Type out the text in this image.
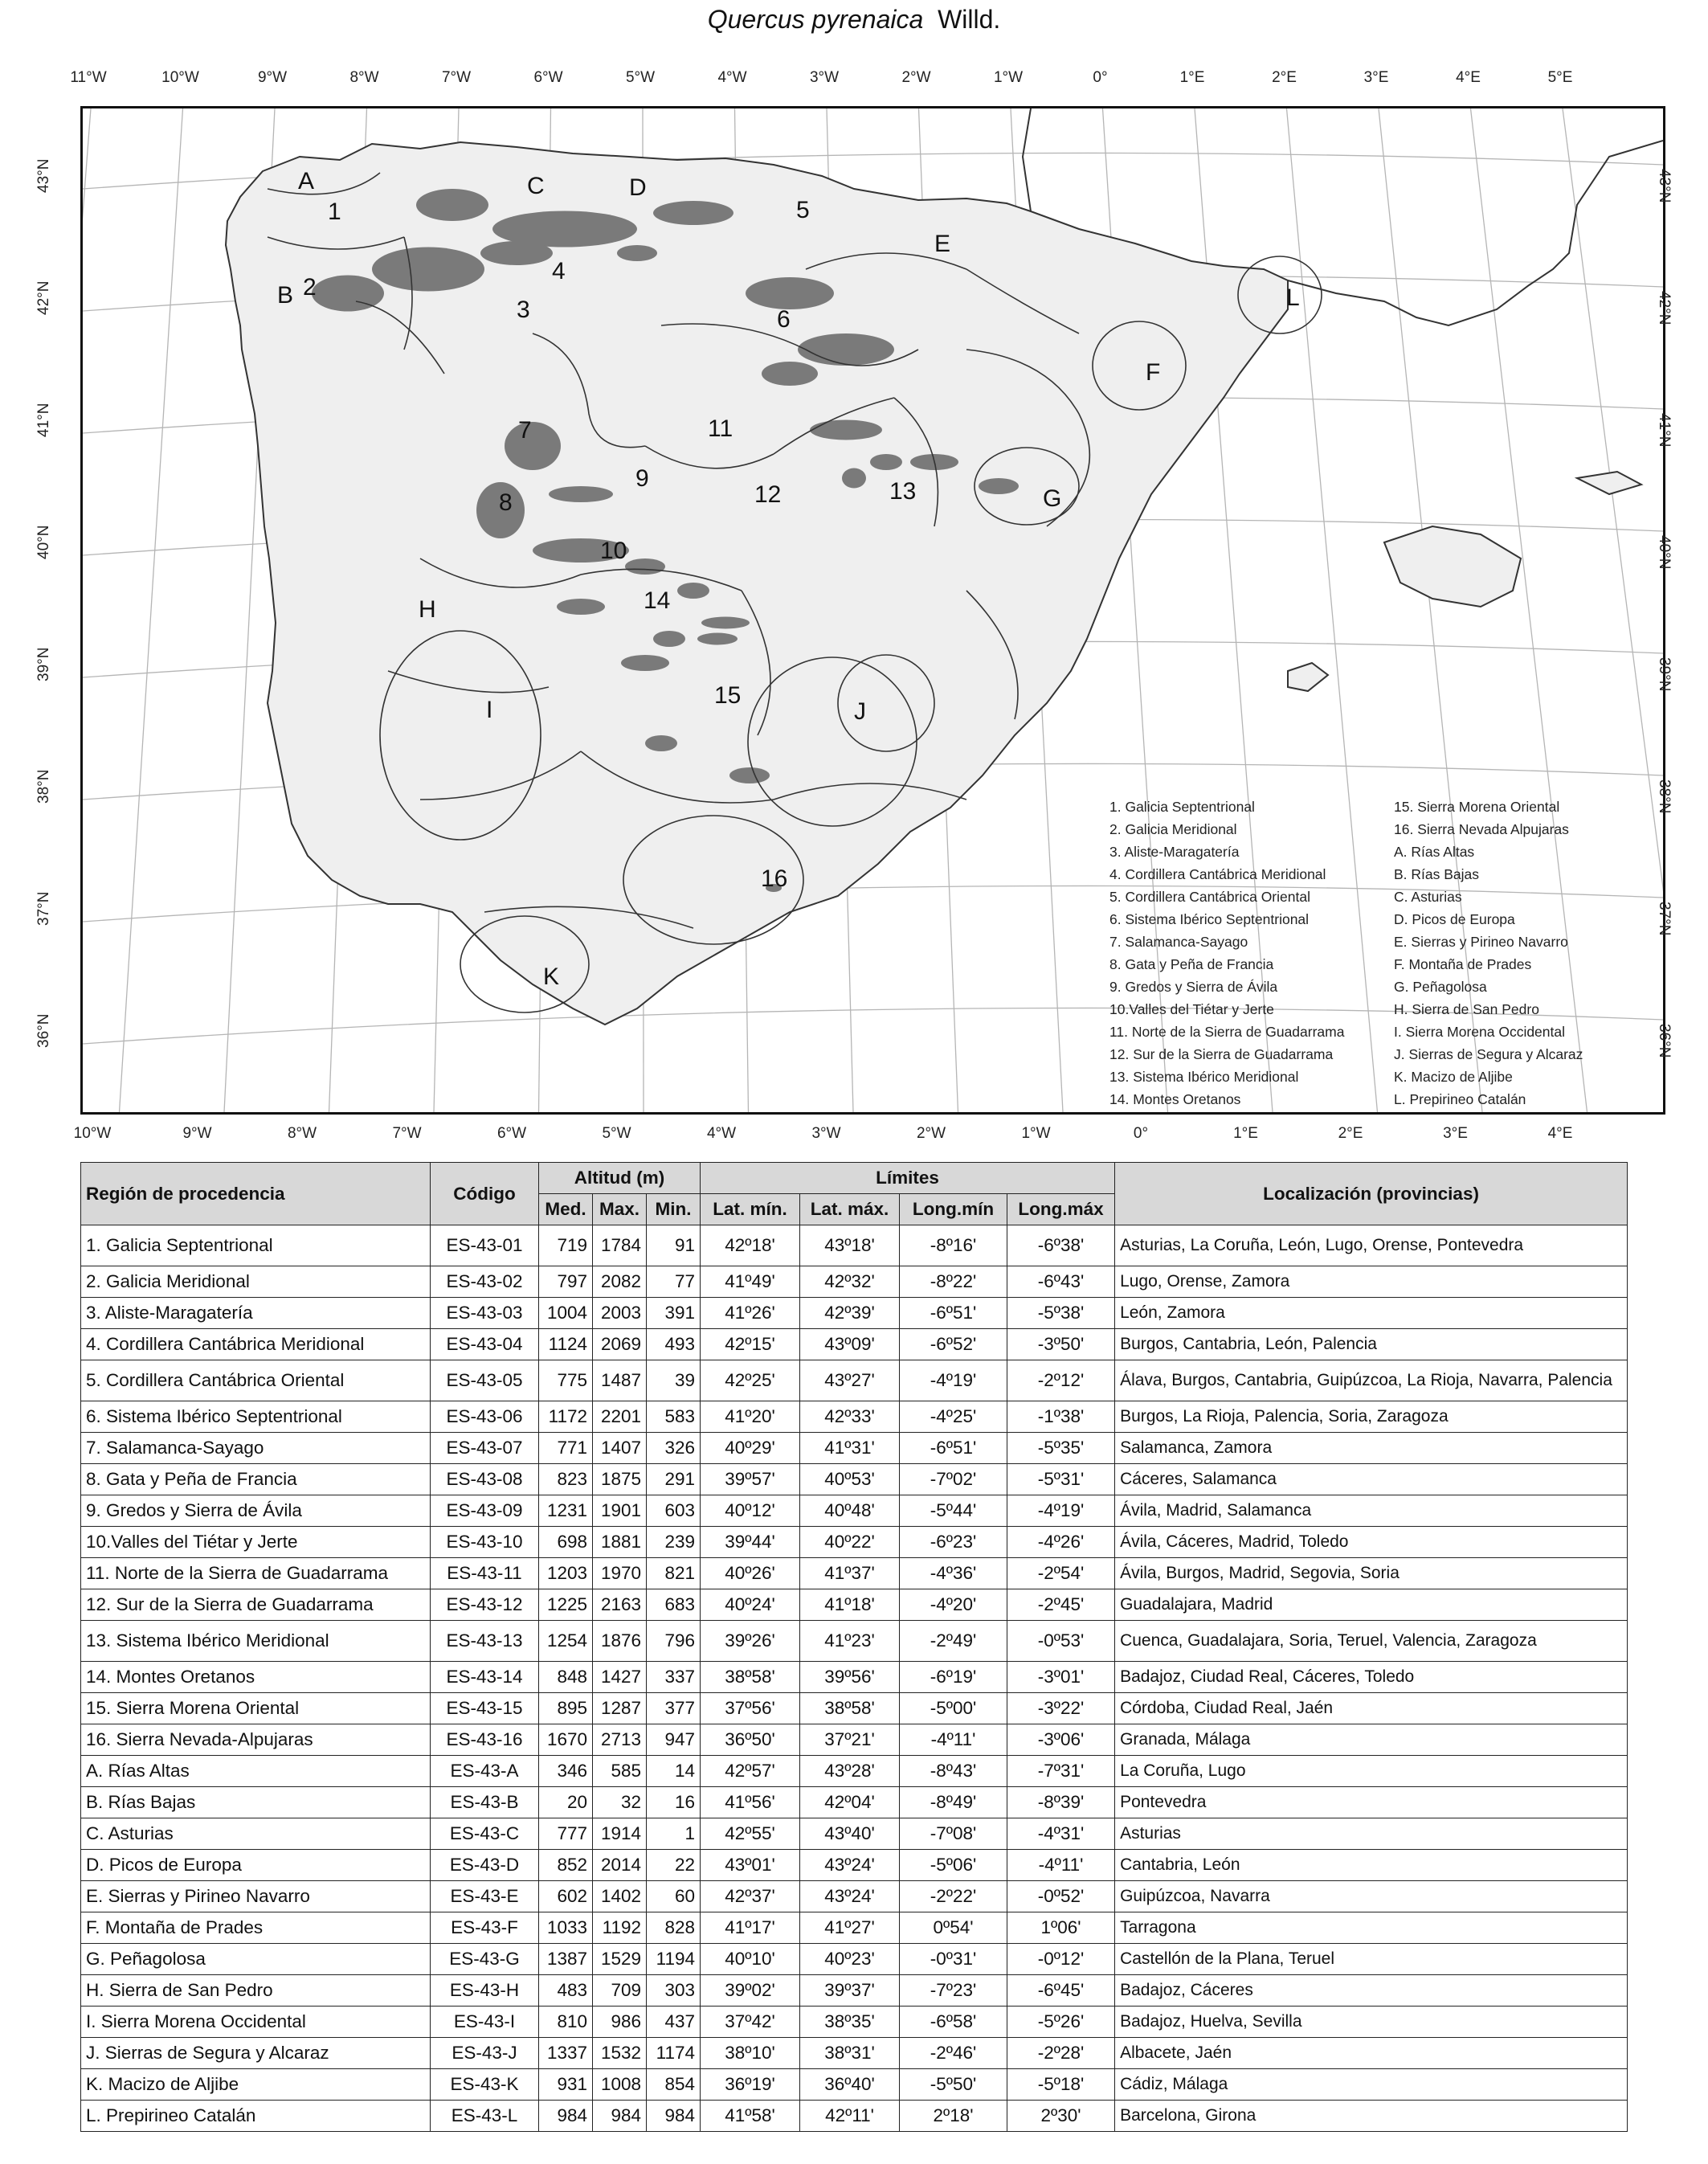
Quercus pyrenaica Willd.
A
B
C	D
E
F
G
H
I	J
K
L
1
2
3
4
5
6
7
8
9
10
11
12	13
14
15
16
1. Galicia Septentrional
2. Galicia Meridional
3. Aliste-Maragatería
4. Cordillera Cantábrica Meridional
5. Cordillera Cantábrica Oriental
6. Sistema Ibérico Septentrional
7. Salamanca-Sayago
8. Gata y Peña de Francia
9. Gredos y Sierra de Ávila
10.Valles del Tiétar y Jerte
11. Norte de la Sierra de Guadarrama
12. Sur de la Sierra de Guadarrama
13. Sistema Ibérico Meridional
14. Montes Oretanos
15. Sierra Morena Oriental
16. Sierra Nevada Alpujaras
A. Rías Altas
B. Rías Bajas
C. Asturias
D. Picos de Europa
E. Sierras y Pirineo Navarro
F. Montaña de Prades
G. Peñagolosa
H. Sierra de San Pedro
I. Sierra Morena Occidental
J. Sierras de Segura y Alcaraz
K. Macizo de Aljibe
L. Prepirineo Catalán
Región de procedencia	Código	Altitud (m)			Límites				Localización (provincias)
		Med.	Max.	Min.	Lat. mín.	Lat. máx.	Long.mín	Long.máx	
1. Galicia Septentrional	ES-43-01	719	1784	91	42º18'	43º18'	-8º16'	-6º38'	Asturias, La Coruña, León, Lugo, Orense, Pontevedra
2. Galicia Meridional	ES-43-02	797	2082	77	41º49'	42º32'	-8º22'	-6º43'	Lugo, Orense, Zamora
3. Aliste-Maragatería	ES-43-03	1004	2003	391	41º26'	42º39'	-6º51'	-5º38'	León, Zamora
4. Cordillera Cantábrica Meridional	ES-43-04	1124	2069	493	42º15'	43º09'	-6º52'	-3º50'	Burgos, Cantabria, León, Palencia
5. Cordillera Cantábrica Oriental	ES-43-05	775	1487	39	42º25'	43º27'	-4º19'	-2º12'	Álava, Burgos, Cantabria, Guipúzcoa, La Rioja, Navarra, Palencia
6. Sistema Ibérico Septentrional	ES-43-06	1172	2201	583	41º20'	42º33'	-4º25'	-1º38'	Burgos, La Rioja, Palencia, Soria, Zaragoza
7. Salamanca-Sayago	ES-43-07	771	1407	326	40º29'	41º31'	-6º51'	-5º35'	Salamanca, Zamora
8. Gata y Peña de Francia	ES-43-08	823	1875	291	39º57'	40º53'	-7º02'	-5º31'	Cáceres, Salamanca
9. Gredos y Sierra de Ávila	ES-43-09	1231	1901	603	40º12'	40º48'	-5º44'	-4º19'	Ávila, Madrid, Salamanca
10.Valles del Tiétar y Jerte	ES-43-10	698	1881	239	39º44'	40º22'	-6º23'	-4º26'	Ávila, Cáceres, Madrid, Toledo
11. Norte de la Sierra de Guadarrama	ES-43-11	1203	1970	821	40º26'	41º37'	-4º36'	-2º54'	Ávila, Burgos, Madrid, Segovia, Soria
12. Sur de la Sierra de Guadarrama	ES-43-12	1225	2163	683	40º24'	41º18'	-4º20'	-2º45'	Guadalajara, Madrid
13. Sistema Ibérico Meridional	ES-43-13	1254	1876	796	39º26'	41º23'	-2º49'	-0º53'	Cuenca, Guadalajara, Soria, Teruel, Valencia, Zaragoza
14. Montes Oretanos	ES-43-14	848	1427	337	38º58'	39º56'	-6º19'	-3º01'	Badajoz, Ciudad Real, Cáceres, Toledo
15. Sierra Morena Oriental	ES-43-15	895	1287	377	37º56'	38º58'	-5º00'	-3º22'	Córdoba, Ciudad Real, Jaén
16. Sierra Nevada-Alpujaras	ES-43-16	1670	2713	947	36º50'	37º21'	-4º11'	-3º06'	Granada, Málaga
A. Rías Altas	ES-43-A	346	585	14	42º57'	43º28'	-8º43'	-7º31'	La Coruña, Lugo
B. Rías Bajas	ES-43-B	20	32	16	41º56'	42º04'	-8º49'	-8º39'	Pontevedra
C. Asturias	ES-43-C	777	1914	1	42º55'	43º40'	-7º08'	-4º31'	Asturias
D. Picos de Europa	ES-43-D	852	2014	22	43º01'	43º24'	-5º06'	-4º11'	Cantabria, León
E. Sierras y Pirineo Navarro	ES-43-E	602	1402	60	42º37'	43º24'	-2º22'	-0º52'	Guipúzcoa, Navarra
F. Montaña de Prades	ES-43-F	1033	1192	828	41º17'	41º27'	0º54'	1º06'	Tarragona
G. Peñagolosa	ES-43-G	1387	1529	1194	40º10'	40º23'	-0º31'	-0º12'	Castellón de la Plana, Teruel
H. Sierra de San Pedro	ES-43-H	483	709	303	39º02'	39º37'	-7º23'	-6º45'	Badajoz, Cáceres
I. Sierra Morena Occidental	ES-43-I	810	986	437	37º42'	38º35'	-6º58'	-5º26'	Badajoz, Huelva, Sevilla
J. Sierras de Segura y Alcaraz	ES-43-J	1337	1532	1174	38º10'	38º31'	-2º46'	-2º28'	Albacete, Jaén
K. Macizo de Aljibe	ES-43-K	931	1008	854	36º19'	36º40'	-5º50'	-5º18'	Cádiz, Málaga
L. Prepirineo Catalán	ES-43-L	984	984	984	41º58'	42º11'	2º18'	2º30'	Barcelona, Girona
11°W	10°W	9°W	8°W	7°W	6°W	5°W	4°W	3°W	2°W	1°W	0°	1°E	2°E	3°E	4°E	5°E
10°W	9°W	8°W	7°W	6°W	5°W	4°W	3°W	2°W	1°W	0°	1°E	2°E	3°E	4°E
43°N
42°N
41°N
40°N
39°N
38°N
37°N
36°N
43°N
42°N
41°N
40°N
39°N
38°N
37°N
36°N
